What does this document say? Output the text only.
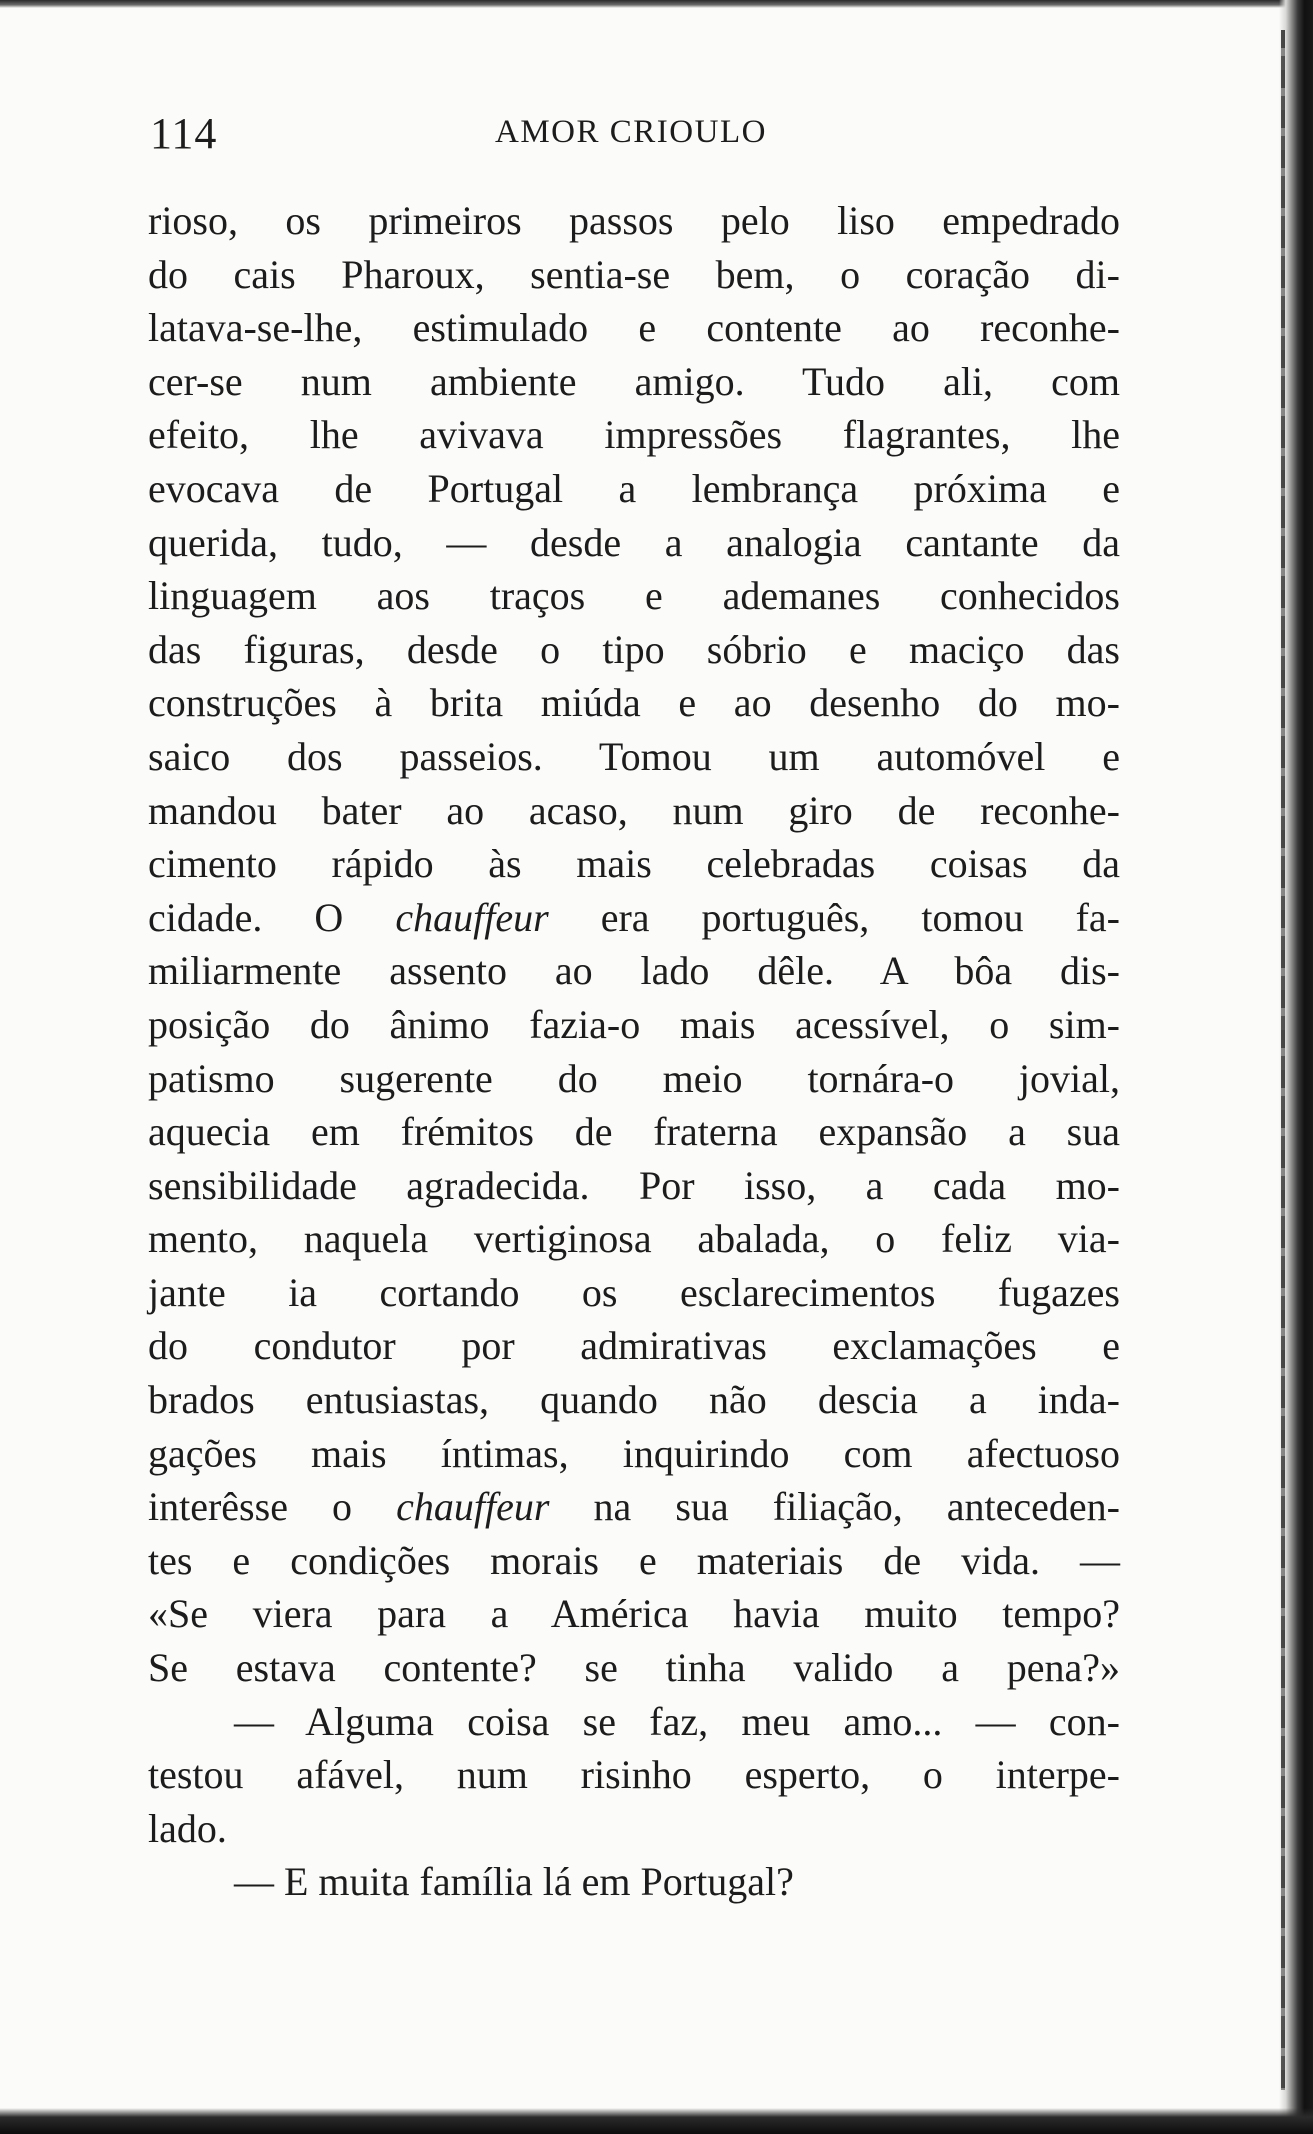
114	AMOR CRIOULO
rioso, os primeiros passos pelo liso empedrado
do cais Pharoux, sentia-se bem, o coração di-
latava-se-lhe, estimulado e contente ao reconhe-
cer-se num ambiente amigo. Tudo ali, com
efeito, lhe avivava impressões flagrantes, lhe
evocava de Portugal a lembrança próxima e
querida, tudo, — desde a analogia cantante da
linguagem aos traços e ademanes conhecidos
das figuras, desde o tipo sóbrio e maciço das
construções à brita miúda e ao desenho do mo-
saico dos passeios. Tomou um automóvel e
mandou bater ao acaso, num giro de reconhe-
cimento rápido às mais celebradas coisas da
cidade. O chauffeur era português, tomou fa-
miliarmente assento ao lado dêle. A bôa dis-
posição do ânimo fazia-o mais acessível, o sim-
patismo sugerente do meio tornára-o jovial,
aquecia em frémitos de fraterna expansão a sua
sensibilidade agradecida. Por isso, a cada mo-
mento, naquela vertiginosa abalada, o feliz via-
jante ia cortando os esclarecimentos fugazes
do condutor por admirativas exclamações e
brados entusiastas, quando não descia a inda-
gações mais íntimas, inquirindo com afectuoso
interêsse o chauffeur na sua filiação, anteceden-
tes e condições morais e materiais de vida. —
«Se viera para a América havia muito tempo?
Se estava contente? se tinha valido a pena?»
— Alguma coisa se faz, meu amo... — con-
testou afável, num risinho esperto, o interpe-
lado.
— E muita família lá em Portugal?
